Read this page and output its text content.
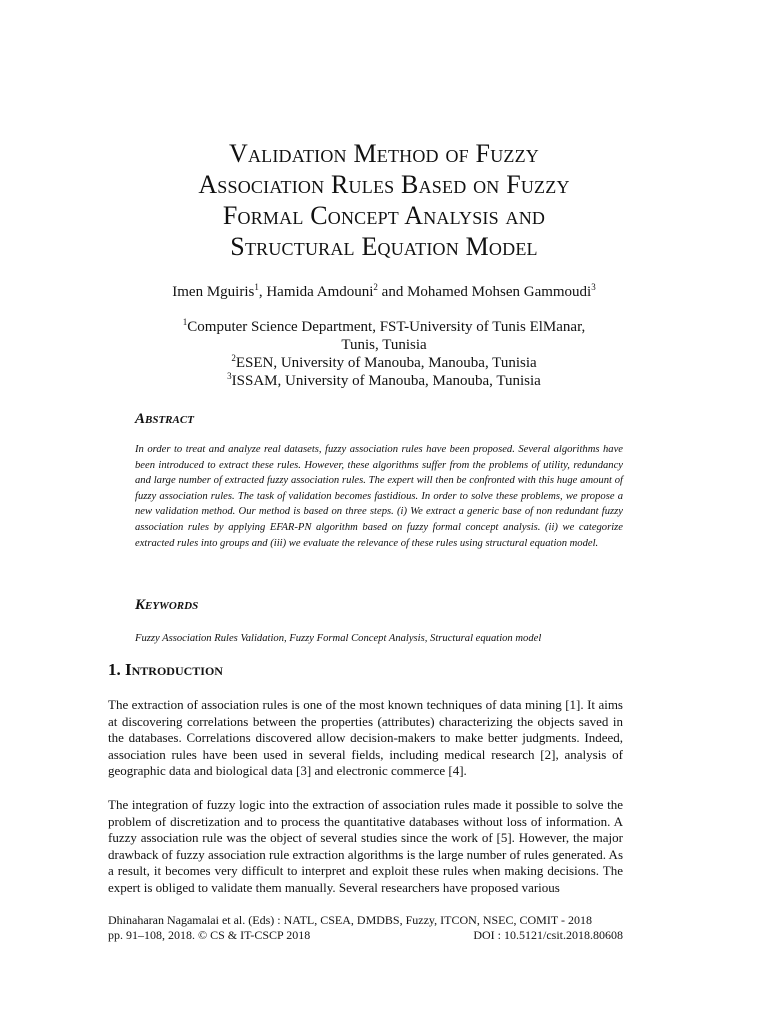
Validation Method of Fuzzy
Association Rules Based on Fuzzy
Formal Concept Analysis and
Structural Equation Model
Imen Mguiris$^1$, Hamida Amdouni$^2$ and Mohamed Mohsen Gammoudi$^3$
$^1$Computer Science Department, FST-University of Tunis ElManar,
Tunis, Tunisia
$^2$ESEN, University of Manouba, Manouba, Tunisia
$^3$ISSAM, University of Manouba, Manouba, Tunisia
Abstract
In order to treat and analyze real datasets, fuzzy association rules have been proposed. Several algorithms have been introduced to extract these rules. However, these algorithms suffer from the problems of utility, redundancy and large number of extracted fuzzy association rules. The expert will then be confronted with this huge amount of fuzzy association rules. The task of validation becomes fastidious. In order to solve these problems, we propose a new validation method. Our method is based on three steps. (i) We extract a generic base of non redundant fuzzy association rules by applying EFAR-PN algorithm based on fuzzy formal concept analysis. (ii) we categorize extracted rules into groups and (iii) we evaluate the relevance of these rules using structural equation model.
Keywords
Fuzzy Association Rules Validation, Fuzzy Formal Concept Analysis, Structural equation model
1. Introduction
The extraction of association rules is one of the most known techniques of data mining [1]. It aims at discovering correlations between the properties (attributes) characterizing the objects saved in the databases. Correlations discovered allow decision-makers to make better judgments. Indeed, association rules have been used in several fields, including medical research [2], analysis of geographic data and biological data [3] and electronic commerce [4].
The integration of fuzzy logic into the extraction of association rules made it possible to solve the problem of discretization and to process the quantitative databases without loss of information. A fuzzy association rule was the object of several studies since the work of [5]. However, the major drawback of fuzzy association rule extraction algorithms is the large number of rules generated. As a result, it becomes very difficult to interpret and exploit these rules when making decisions. The expert is obliged to validate them manually. Several researchers have proposed various
Dhinaharan Nagamalai et al. (Eds) : NATL, CSEA, DMDBS, Fuzzy, ITCON, NSEC, COMIT - 2018
pp. 91–108, 2018. © CS & IT-CSCP 2018	DOI : 10.5121/csit.2018.80608
